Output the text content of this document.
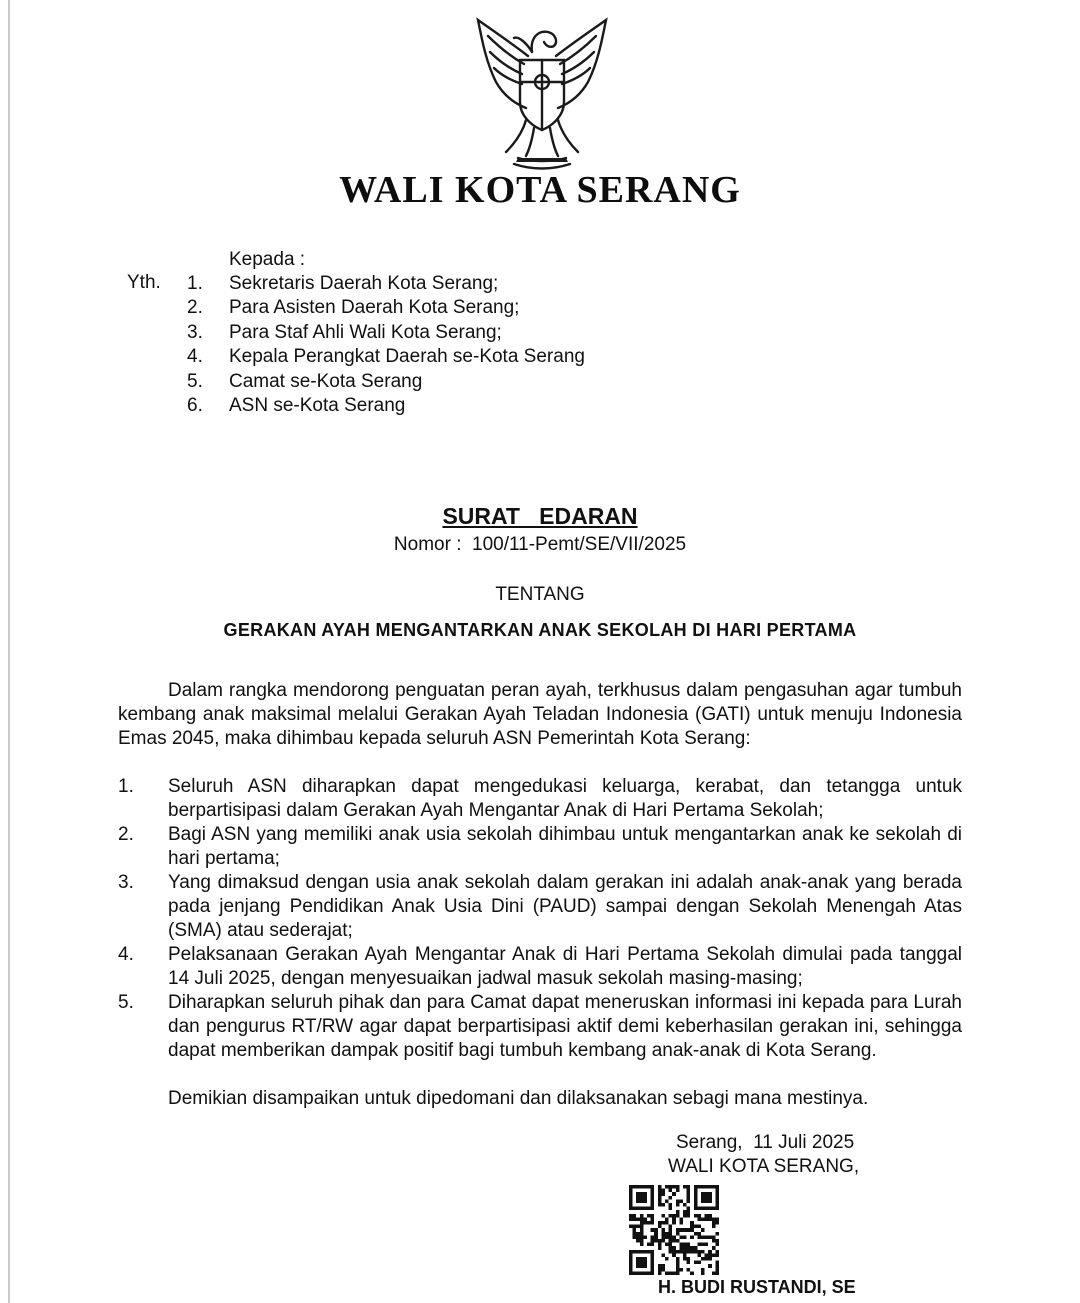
WALI KOTA SERANG
Kepada :
Yth. 1. Sekretaris Daerah Kota Serang;
2. Para Asisten Daerah Kota Serang;
3. Para Staf Ahli Wali Kota Serang;
4. Kepala Perangkat Daerah se-Kota Serang
5. Camat se-Kota Serang
6. ASN se-Kota Serang
SURAT   EDARAN
Nomor :  100/11-Pemt/SE/VII/2025
TENTANG
GERAKAN AYAH MENGANTARKAN ANAK SEKOLAH DI HARI PERTAMA

Dalam rangka mendorong penguatan peran ayah, terkhusus dalam pengasuhan agar tumbuh kembang anak maksimal melalui Gerakan Ayah Teladan Indonesia (GATI) untuk menuju Indonesia Emas 2045, maka dihimbau kepada seluruh ASN Pemerintah Kota Serang:

1. Seluruh ASN diharapkan dapat mengedukasi keluarga, kerabat, dan tetangga untuk berpartisipasi dalam Gerakan Ayah Mengantar Anak di Hari Pertama Sekolah;
2. Bagi ASN yang memiliki anak usia sekolah dihimbau untuk mengantarkan anak ke sekolah di hari pertama;
3. Yang dimaksud dengan usia anak sekolah dalam gerakan ini adalah anak-anak yang berada pada jenjang Pendidikan Anak Usia Dini (PAUD) sampai dengan Sekolah Menengah Atas (SMA) atau sederajat;
4. Pelaksanaan Gerakan Ayah Mengantar Anak di Hari Pertama Sekolah dimulai pada tanggal 14 Juli 2025, dengan menyesuaikan jadwal masuk sekolah masing-masing;
5. Diharapkan seluruh pihak dan para Camat dapat meneruskan informasi ini kepada para Lurah dan pengurus RT/RW agar dapat berpartisipasi aktif demi keberhasilan gerakan ini, sehingga dapat memberikan dampak positif bagi tumbuh kembang anak-anak di Kota Serang.

Demikian disampaikan untuk dipedomani dan dilaksanakan sebagi mana mestinya.

Serang,  11 Juli 2025
WALI KOTA SERANG,
H. BUDI RUSTANDI, SE
